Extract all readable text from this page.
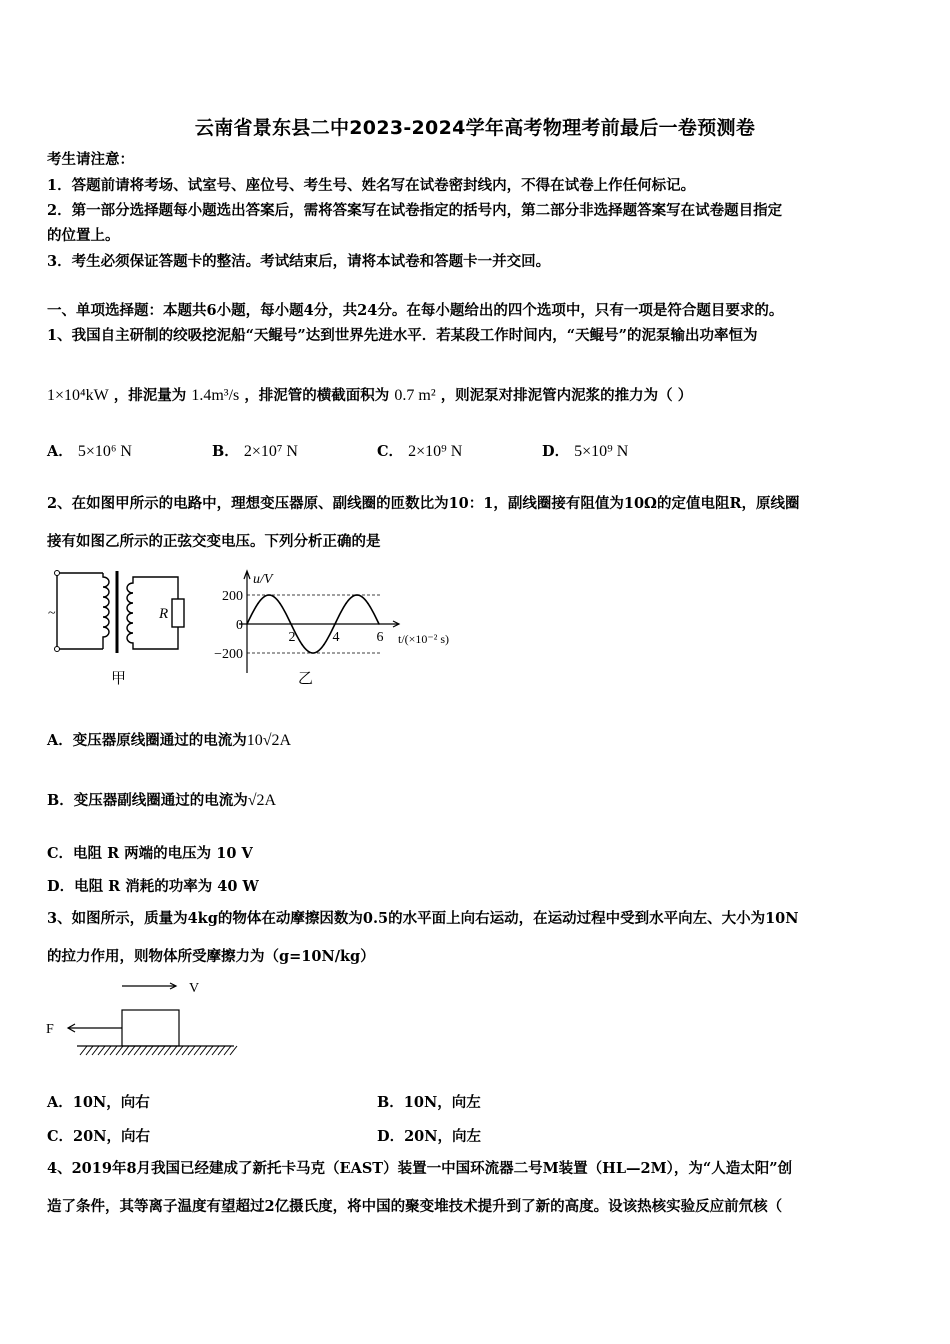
云南省景东县二中2023-2024学年高考物理考前最后一卷预测卷
考生请注意：
1．答题前请将考场、试室号、座位号、考生号、姓名写在试卷密封线内，不得在试卷上作任何标记。
2．第一部分选择题每小题选出答案后，需将答案写在试卷指定的括号内，第二部分非选择题答案写在试卷题目指定
的位置上。
3．考生必须保证答题卡的整洁。考试结束后，请将本试卷和答题卡一并交回。
一、单项选择题：本题共6小题，每小题4分，共24分。在每小题给出的四个选项中，只有一项是符合题目要求的。
1、我国自主研制的绞吸挖泥船“天鲲号”达到世界先进水平．若某段工作时间内，“天鲲号”的泥泵输出功率恒为
1×10⁴kW ，排泥量为 1.4m³/s ，排泥管的横截面积为 0.7 m² ，则泥泵对排泥管内泥浆的推力为（ ）
A． 5×10⁶ N	B． 2×10⁷ N	C． 2×10⁹ N	D． 5×10⁹ N
2、在如图甲所示的电路中，理想变压器原、副线圈的匝数比为10：1，副线圈接有阻值为10Ω的定值电阻R，原线圈
接有如图乙所示的正弦交变电压。下列分析正确的是
~	R
甲
200
0
−200
2	4	6
u/V
t/(×10⁻² s)
乙
A．变压器原线圈通过的电流为10√2A
B．变压器副线圈通过的电流为√2A
C．电阻 R 两端的电压为 10 V
D．电阻 R 消耗的功率为 40 W
3、如图所示，质量为4kg的物体在动摩擦因数为0.5的水平面上向右运动，在运动过程中受到水平向左、大小为10N
的拉力作用，则物体所受摩擦力为（g=10N/kg）
V
F
A．10N，向右	B．10N，向左
C．20N，向右	D．20N，向左
4、2019年8月我国已经建成了新托卡马克（EAST）装置一中国环流器二号M装置（HL—2M），为“人造太阳”创
造了条件，其等离子温度有望超过2亿摄氏度，将中国的聚变堆技术提升到了新的高度。设该热核实验反应前氘核（
